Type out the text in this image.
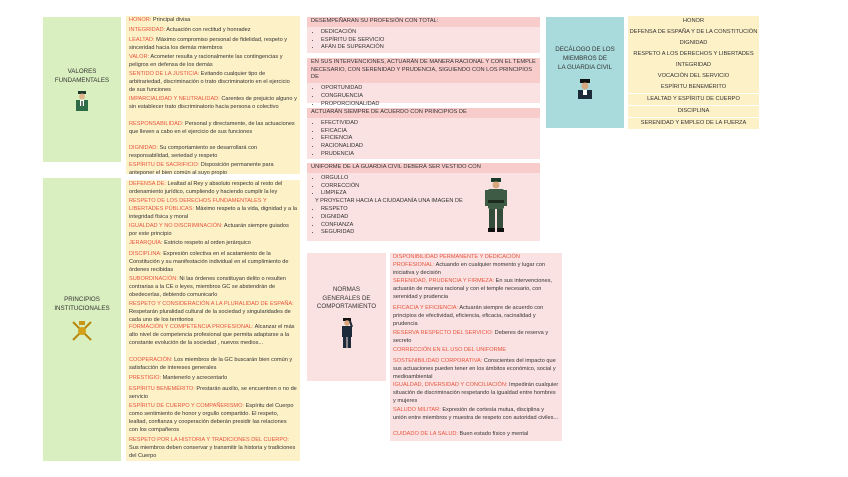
VALORES
FUNDAMENTALES
HONOR: Principal divisa
INTEGRIDAD: Actuación con rectitud y honradez
LEALTAD: Máximo compromiso personal de fidelidad, respeto y sinceridad hacia los demás miembros
VALOR: Acometer resulta y racionalmente las contingencias y peligros en defensa de los demás
SENTIDO DE LA JUSTICIA: Evitando cualquier tipo de arbitrariedad, discriminación o trato discriminatorio en el ejercicio de sus funciones
IMPARCIALIDAD Y NEUTRALIDAD: Carentes de prejuicio alguno y sin establecer trato discriminatorio hacia persona o colectivo
RESPONSABILIDAD: Personal y directamente, de las actuaciones que lleven a cabo en el ejercicio de sus funciones
DIGNIDAD: Su comportamiento se desarrollará con responsabilidad, seriedad y respeto
ESPÍRITU DE SACRIFICIO: Disposición permanente para anteponer el bien común al suyo propio
PRINCIPIOS
INSTITUCIONALES
DEFENSA DE: Lealtad al Rey y absoluto respecto al resto del ordenamiento jurídico, cumpliendo y haciendo cumplir la ley
RESPETO DE LOS DERECHOS FUNDAMENTALES Y LIBERTADES PÚBLICAS: Máximo respeto a la vida, dignidad y a la integridad física y moral
IGUALDAD Y NO DISCRIMINACIÓN: Actuarán siempre guiados por este principio
JERARQUÍA: Estricto respeto al orden jerárquico
DISCIPLINA: Expresión colectiva en el acatamiento de la Constitución y su manifestación individual en el cumplimiento de órdenes recibidas
SUBORDINACIÓN: Ni las órdenes constituyan delito o resulten contrarias a la CE o leyes, miembros GC se abstendrán de obedecerlas, debiendo comunicarlo
RESPETO Y CONSIDERACIÓN A LA PLURALIDAD DE ESPAÑA: Respetarán pluralidad cultural de la sociedad y singularidades de cada uno de los territorios
FORMACIÓN Y COMPETENCIA PROFESIONAL: Alcanzar el más alto nivel de competencia profesional que permita adaptarse a la constante evolución de la sociedad , nuevos medios...
COOPERACIÓN: Los miembros de la GC buscarán bien común y satisfacción de intereses generales
PRESTIGIO: Mantenerlo y acrecentarlo
ESPÍRITU BENEMÉRITO: Prestarán auxilio, se encuentren o no de servicio
ESPÍRITU DE CUERPO Y COMPAÑERISMO: Espíritu del Cuerpo como sentimiento de honor y orgullo compartido. El respeto, lealtad, confianza y cooperación deberán presidir las relaciones con los compañeros
RESPETO POR LA HISTORIA Y TRADICIONES DEL CUERPO: Sus miembros deben conservar y transmitir la historia y tradiciones del Cuerpo
DESEMPEÑARAN SU PROFESIÓN CON TOTAL:
• DEDICACIÓN
• ESPÍRITU DE SERVICIO
• AFÁN DE SUPERACIÓN
EN SUS INTERVENCIONES, ACTUARÁN DE MANERA RACIONAL Y CON EL TEMPLE NECESARIO, CON SERENIDAD Y PRUDENCIA, SIGUIENDO CON LOS PRINCIPIOS DE
• OPORTUNIDAD
• CONGRUENCIA
• PROPORCIONALIDAD
ACTUARÁN SIEMPRE DE ACUERDO CON PRINCIPIOS DE
• EFECTIVIDAD
• EFICACIA
• EFICIENCIA
• RACIONALIDAD
• PRUDENCIA
UNIFORME DE LA GUARDIA CIVIL DEBERÁ SER VESTIDO CON
• ORGULLO
• CORRECCIÓN
• LIMPIEZA
Y PROYECTAR HACIA LA CIUDADANÍA UNA IMAGEN DE
• RESPETO
• DIGNIDAD
• CONFIANZA
• SEGURIDAD
NORMAS
GENERALES DE
COMPORTAMIENTO
DISPONIBILIDAD PERMANENTE Y DEDICACIÓN PROFESIONAL: Actuando en cualquier momento y lugar con iniciativa y decisión
SERENIDAD, PRUDENCIA Y FIRMEZA: En sus intervenciones, actuarán de manera racional y con el temple necesario, con serenidad y prudencia
EFICACIA Y EFICIENCIA: Actuarán siempre de acuerdo con principios de efectividad, eficiencia, eficacia, racinalidad y prudencia
RESERVA RESPECTO DEL SERVICIO: Deberes de reserva y secreto
CORRECCIÓN EN EL USO DEL UNIFORME
SOSTENIBILIDAD CORPORATIVA: Conscientes del impacto que sus actuaciones pueden tener en los ámbitos económico, social y medioambiental
IGUALDAD, DIVERSIDAD Y CONCILIACIÓN: Impedirán cualquier situación de discriminación respetando la igualdad entre hombres y mujeres
SALUDO MILITAR: Expresión de cortesía mutua, disciplina y unión entre miembros y muestra de respeto con autoridad civiles...
CUIDADO DE LA SALUD: Buen estado físico y mental
DECÁLOGO DE LOS
MIEMBROS DE
LA GUARDIA CIVIL
HONOR
DEFENSA DE ESPAÑA Y DE LA CONSTITUCIÓN
DIGNIDAD
RESPETO A LOS DERECHOS Y LIBERTADES
INTEGRIDAD
VOCACIÓN DEL SERVICIO
ESPÍRITU BENEMÉRITO
LEALTAD Y ESPÍRITU DE CUERPO
DISCIPLINA
SERENIDAD Y EMPLEO DE LA FUERZA
